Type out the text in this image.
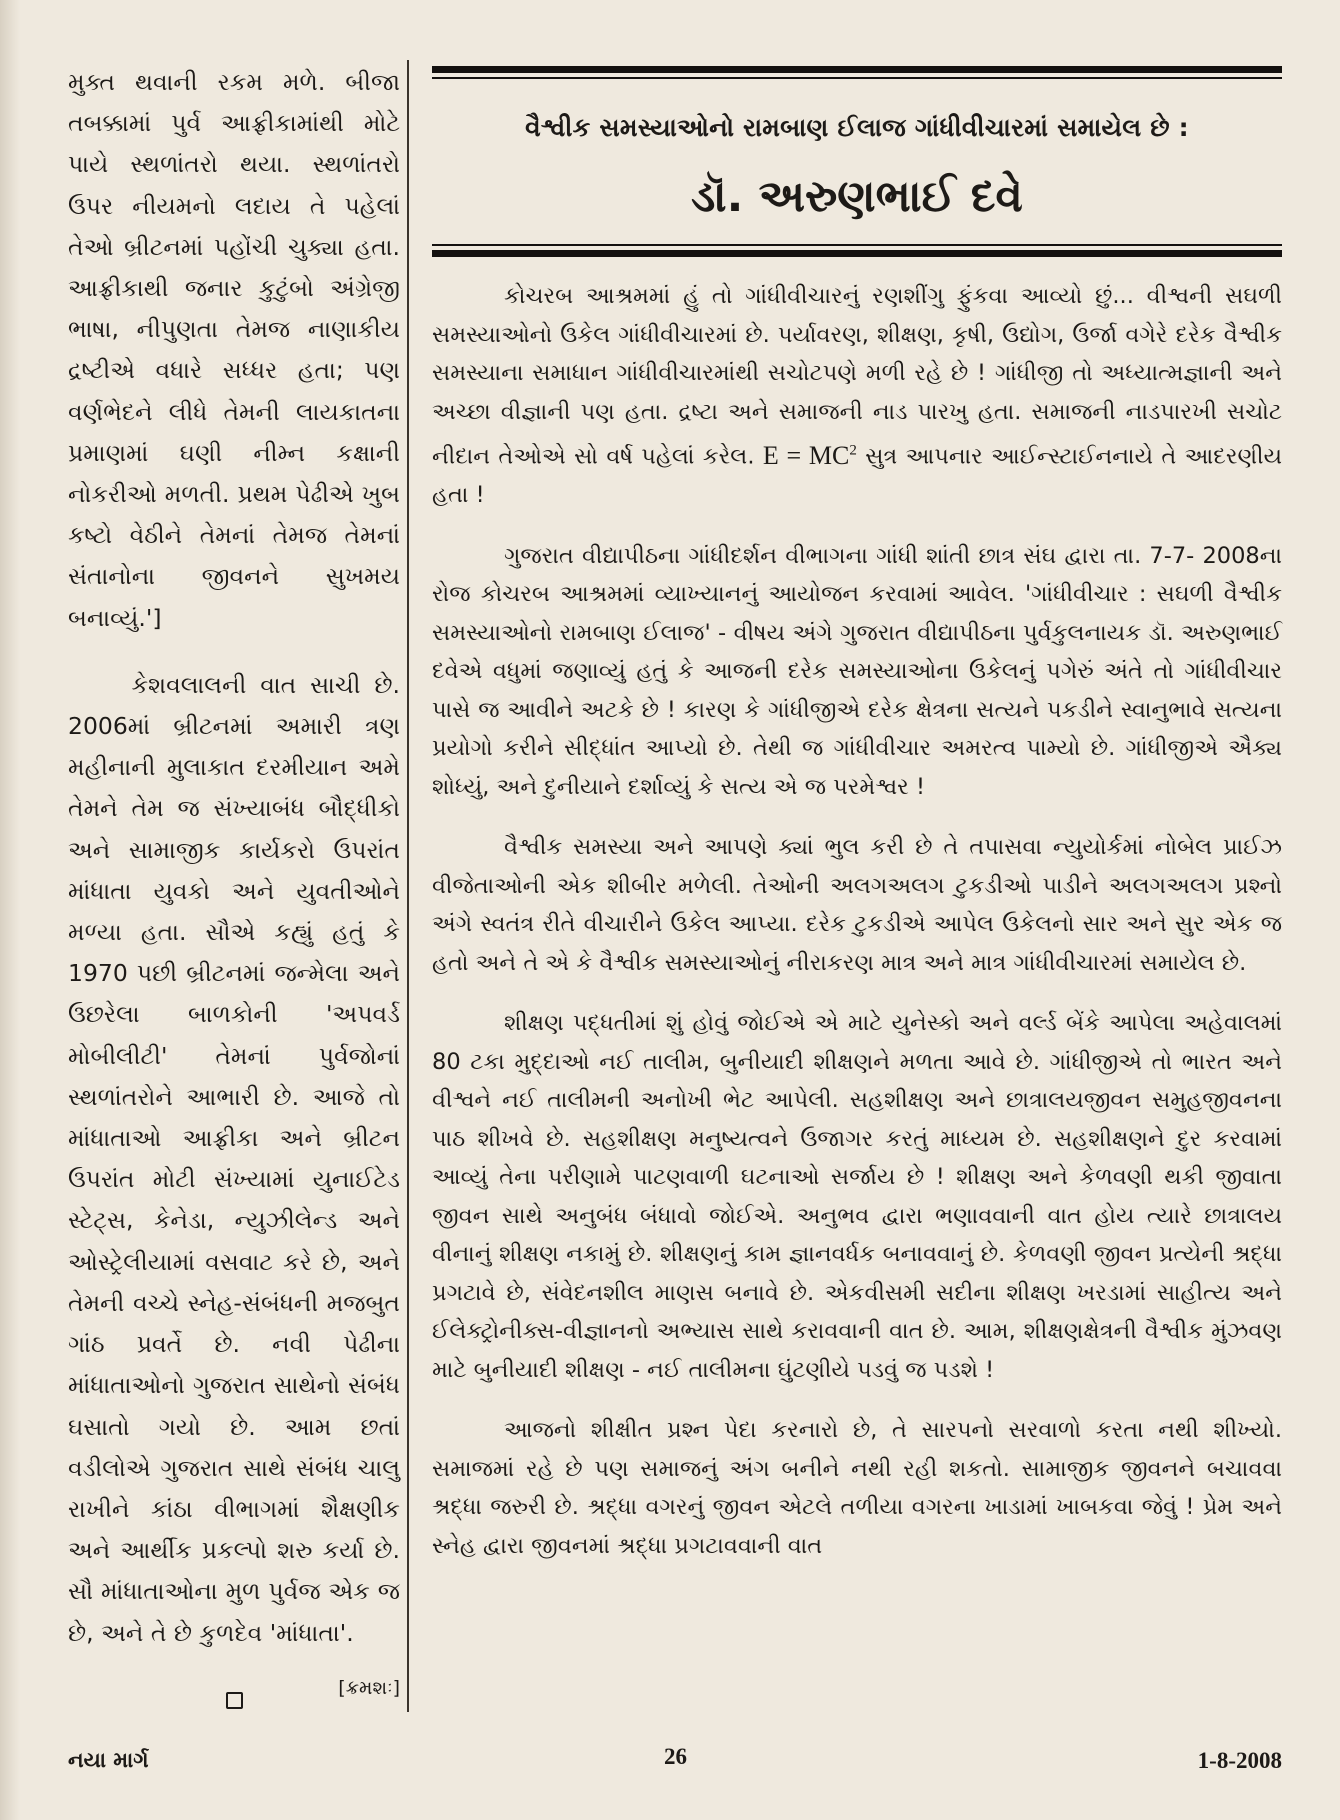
મુક્ત થવાની રકમ મળે. બીજા તબક્કામાં પુર્વ આફ્રીકામાંથી મોટે પાયે સ્થળાંતરો થયા. સ્થળાંતરો ઉપર નીયમનો લદાય તે પહેલાં તેઓ બ્રીટનમાં પહોંચી ચુક્યા હતા. આફ્રીકાથી જનાર કુટુંબો અંગ્રેજી ભાષા, નીપુણતા તેમજ નાણાકીય દ્રષ્ટીએ વધારે સધ્ધર હતા; પણ વર્ણભેદને લીધે તેમની લાયકાતના પ્રમાણમાં ઘણી નીમ્ન કક્ષાની નોકરીઓ મળતી. પ્રથમ પેઢીએ ખુબ કષ્ટો વેઠીને તેમનાં તેમજ તેમનાં સંતાનોના જીવનને સુખમય બનાવ્યું.']

કેશવલાલની વાત સાચી છે. 2006માં બ્રીટનમાં અમારી ત્રણ મહીનાની મુલાકાત દરમીયાન અમે તેમને તેમ જ સંખ્યાબંધ બૌદ્ધીકો અને સામાજીક કાર્યકરો ઉપરાંત માંધાતા યુવકો અને યુવતીઓને મળ્યા હતા. સૌએ કહ્યું હતું કે 1970 પછી બ્રીટનમાં જન્મેલા અને ઉછરેલા બાળકોની 'અપવર્ડ મોબીલીટી' તેમનાં પુર્વજોનાં સ્થળાંતરોને આભારી છે. આજે તો માંધાતાઓ આફ્રીકા અને બ્રીટન ઉપરાંત મોટી સંખ્યામાં યુનાઈટેડ સ્ટેટ્સ, કેનેડા, ન્યુઝીલેન્ડ અને ઓસ્ટ્રેલીયામાં વસવાટ કરે છે, અને તેમની વચ્ચે સ્નેહ-સંબંધની મજબુત ગાંઠ પ્રવર્તે છે. નવી પેઢીના માંધાતાઓનો ગુજરાત સાથેનો સંબંધ ઘસાતો ગયો છે. આમ છતાં વડીલોએ ગુજરાત સાથે સંબંધ ચાલુ રાખીને કાંઠા વીભાગમાં શૈક્ષણીક અને આર્થીક પ્રકલ્પો શરુ કર્યા છે. સૌ માંધાતાઓના મુળ પુર્વજ એક જ છે, અને તે છે કુળદેવ 'માંધાતા'.

[ક્રમશઃ]
વૈશ્વીક સમસ્યાઓનો રામબાણ ઈલાજ ગાંધીવીચારમાં સમાયેલ છે :
ડૉ. અરુણભાઈ દવે

કોચરબ આશ્રમમાં હું તો ગાંધીવીચારનું રણશીંગુ ફુંકવા આવ્યો છું... વીશ્વની સઘળી સમસ્યાઓનો ઉકેલ ગાંધીવીચારમાં છે. પર્યાવરણ, શીક્ષણ, કૃષી, ઉદ્યોગ, ઉર્જા વગેરે દરેક વૈશ્વીક સમસ્યાના સમાધાન ગાંધીવીચારમાંથી સચોટપણે મળી રહે છે ! ગાંધીજી તો અધ્યાત્મજ્ઞાની અને અચ્છા વીજ્ઞાની પણ હતા. દ્રષ્ટા અને સમાજની નાડ પારખુ હતા. સમાજની નાડપારખી સચોટ નીદાન તેઓએ સો વર્ષ પહેલાં કરેલ. $E = MC^2$ સુત્ર આપનાર આઈન્સ્ટાઈનનાયે તે આદરણીય હતા !

ગુજરાત વીદ્યાપીઠના ગાંધીદર્શન વીભાગના ગાંધી શાંતી છાત્ર સંઘ દ્વારા તા. 7-7- 2008ના રોજ કોચરબ આશ્રમમાં વ્યાખ્યાનનું આયોજન કરવામાં આવેલ. 'ગાંધીવીચાર : સઘળી વૈશ્વીક સમસ્યાઓનો રામબાણ ઈલાજ' - વીષય અંગે ગુજરાત વીદ્યાપીઠના પુર્વકુલનાયક ડૉ. અરુણભાઈ દવેએ વધુમાં જણાવ્યું હતું કે આજની દરેક સમસ્યાઓના ઉકેલનું પગેરું અંતે તો ગાંધીવીચાર પાસે જ આવીને અટકે છે ! કારણ કે ગાંધીજીએ દરેક ક્ષેત્રના સત્યને પકડીને સ્વાનુભાવે સત્યના પ્રયોગો કરીને સીદ્ધાંત આપ્યો છે. તેથી જ ગાંધીવીચાર અમરત્વ પામ્યો છે. ગાંધીજીએ ઐક્ય શોધ્યું, અને દુનીયાને દર્શાવ્યું કે સત્ય એ જ પરમેશ્વર !

વૈશ્વીક સમસ્યા અને આપણે ક્યાં ભુલ કરી છે તે તપાસવા ન્યુયોર્કમાં નોબેલ પ્રાઈઝ વીજેતાઓની એક શીબીર મળેલી. તેઓની અલગઅલગ ટુકડીઓ પાડીને અલગઅલગ પ્રશ્નો અંગે સ્વતંત્ર રીતે વીચારીને ઉકેલ આપ્યા. દરેક ટુકડીએ આપેલ ઉકેલનો સાર અને સુર એક જ હતો અને તે એ કે વૈશ્વીક સમસ્યાઓનું નીરાકરણ માત્ર અને માત્ર ગાંધીવીચારમાં સમાયેલ છે.

શીક્ષણ પદ્ધતીમાં શું હોવું જોઈએ એ માટે યુનેસ્કો અને વર્લ્ડ બેંકે આપેલા અહેવાલમાં 80 ટકા મુદ્દાઓ નઈ તાલીમ, બુનીયાદી શીક્ષણને મળતા આવે છે. ગાંધીજીએ તો ભારત અને વીશ્વને નઈ તાલીમની અનોખી ભેટ આપેલી. સહશીક્ષણ અને છાત્રાલયજીવન સમુહજીવનના પાઠ શીખવે છે. સહશીક્ષણ મનુષ્યત્વને ઉજાગર કરતું માધ્યમ છે. સહશીક્ષણને દુર કરવામાં આવ્યું તેના પરીણામે પાટણવાળી ઘટનાઓ સર્જાય છે ! શીક્ષણ અને કેળવણી થકી જીવાતા જીવન સાથે અનુબંધ બંધાવો જોઈએ. અનુભવ દ્વારા ભણાવવાની વાત હોય ત્યારે છાત્રાલય વીનાનું શીક્ષણ નકામું છે. શીક્ષણનું કામ જ્ઞાનવર્ધક બનાવવાનું છે. કેળવણી જીવન પ્રત્યેની શ્રદ્ધા પ્રગટાવે છે, સંવેદનશીલ માણસ બનાવે છે. એકવીસમી સદીના શીક્ષણ ખરડામાં સાહીત્ય અને ઈલેક્ટ્રોનીક્સ-વીજ્ઞાનનો અભ્યાસ સાથે કરાવવાની વાત છે. આમ, શીક્ષણક્ષેત્રની વૈશ્વીક મુંઝવણ માટે બુનીયાદી શીક્ષણ - નઈ તાલીમના ઘુંટણીયે પડવું જ પડશે !

આજનો શીક્ષીત પ્રશ્ન પેદા કરનારો છે, તે સારપનો સરવાળો કરતા નથી શીખ્યો. સમાજમાં રહે છે પણ સમાજનું અંગ બનીને નથી રહી શકતો. સામાજીક જીવનને બચાવવા શ્રદ્ધા જરુરી છે. શ્રદ્ધા વગરનું જીવન એટલે તળીયા વગરના ખાડામાં ખાબકવા જેવું ! પ્રેમ અને સ્નેહ દ્વારા જીવનમાં શ્રદ્ધા પ્રગટાવવાની વાત

નયા માર્ગ	26	1-8-2008
